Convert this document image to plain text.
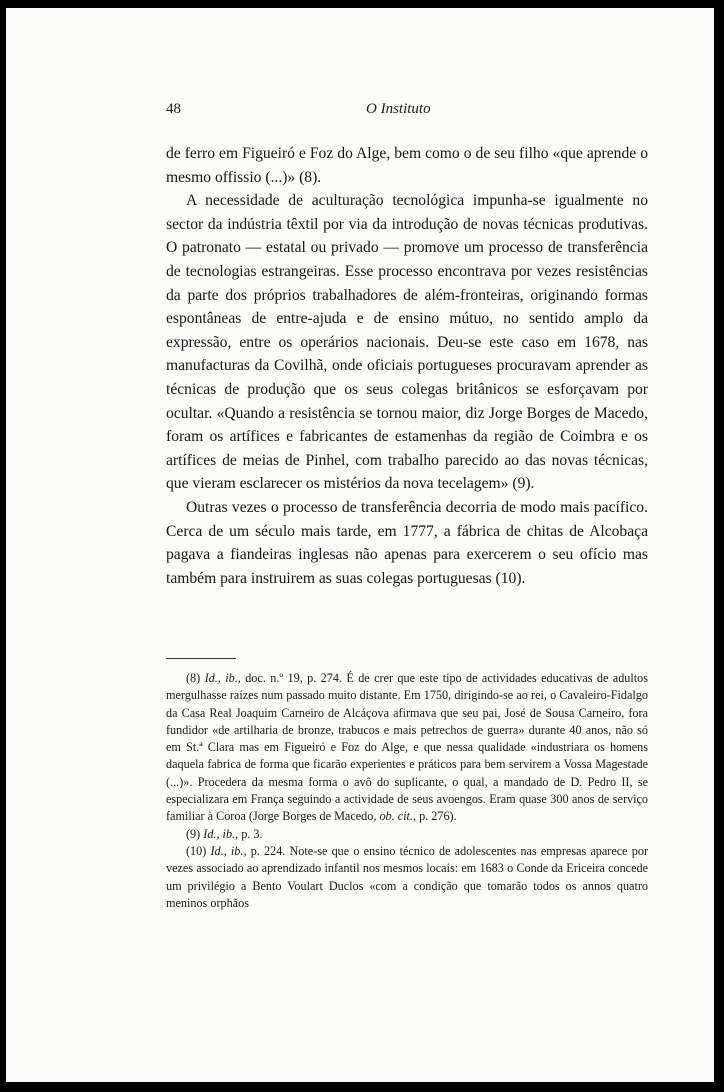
48	O Instituto

de ferro em Figueiró e Foz do Alge, bem como o de seu filho «que aprende o mesmo offissio (...)» (8).

A necessidade de aculturação tecnológica impunha-se igualmente no sector da indústria têxtil por via da introdução de novas técnicas produtivas. O patronato — estatal ou privado — promove um processo de transferência de tecnologias estrangeiras. Esse processo encontrava por vezes resistências da parte dos próprios trabalhadores de além-fronteiras, originando formas espontâneas de entre-ajuda e de ensino mútuo, no sentido amplo da expressão, entre os operários nacionais. Deu-se este caso em 1678, nas manufacturas da Covilhã, onde oficiais portugueses procuravam aprender as técnicas de produção que os seus colegas britânicos se esforçavam por ocultar. «Quando a resistência se tornou maior, diz Jorge Borges de Macedo, foram os artífices e fabricantes de estamenhas da região de Coimbra e os artífices de meias de Pinhel, com trabalho parecido ao das novas técnicas, que vieram esclarecer os mistérios da nova tecelagem» (9).

Outras vezes o processo de transferência decorria de modo mais pacífico. Cerca de um século mais tarde, em 1777, a fábrica de chitas de Alcobaça pagava a fiandeiras inglesas não apenas para exercerem o seu ofício mas também para instruirem as suas colegas portuguesas (10).

(8) Id., ib., doc. n.º 19, p. 274. É de crer que este tipo de actividades educativas de adultos mergulhasse raízes num passado muito distante. Em 1750, dirigindo-se ao rei, o Cavaleiro-Fidalgo da Casa Real Joaquim Carneiro de Alcáçova afirmava que seu pai, José de Sousa Carneiro, fora fundidor «de artilharia de bronze, trabucos e mais petrechos de guerra» durante 40 anos, não só em St.ª Clara mas em Figueiró e Foz do Alge, e que nessa qualidade «industriara os homens daquela fabrica de forma que ficarão experientes e práticos para bem servirem a Vossa Magestade (...)». Procedera da mesma forma o avô do suplicante, o qual, a mandado de D. Pedro II, se especializara em França seguindo a actividade de seus avoengos. Eram quase 300 anos de serviço familiar à Coroa (Jorge Borges de Macedo, ob. cit., p. 276).

(9) Id., ib., p. 3.

(10) Id., ib., p. 224. Note-se que o ensino técnico de adolescentes nas empresas aparece por vezes associado ao aprendizado infantil nos mesmos locais: em 1683 o Conde da Ericeira concede um privilégio a Bento Voulart Duclos «com a condição que tomarão todos os annos quatro meninos orphãos
